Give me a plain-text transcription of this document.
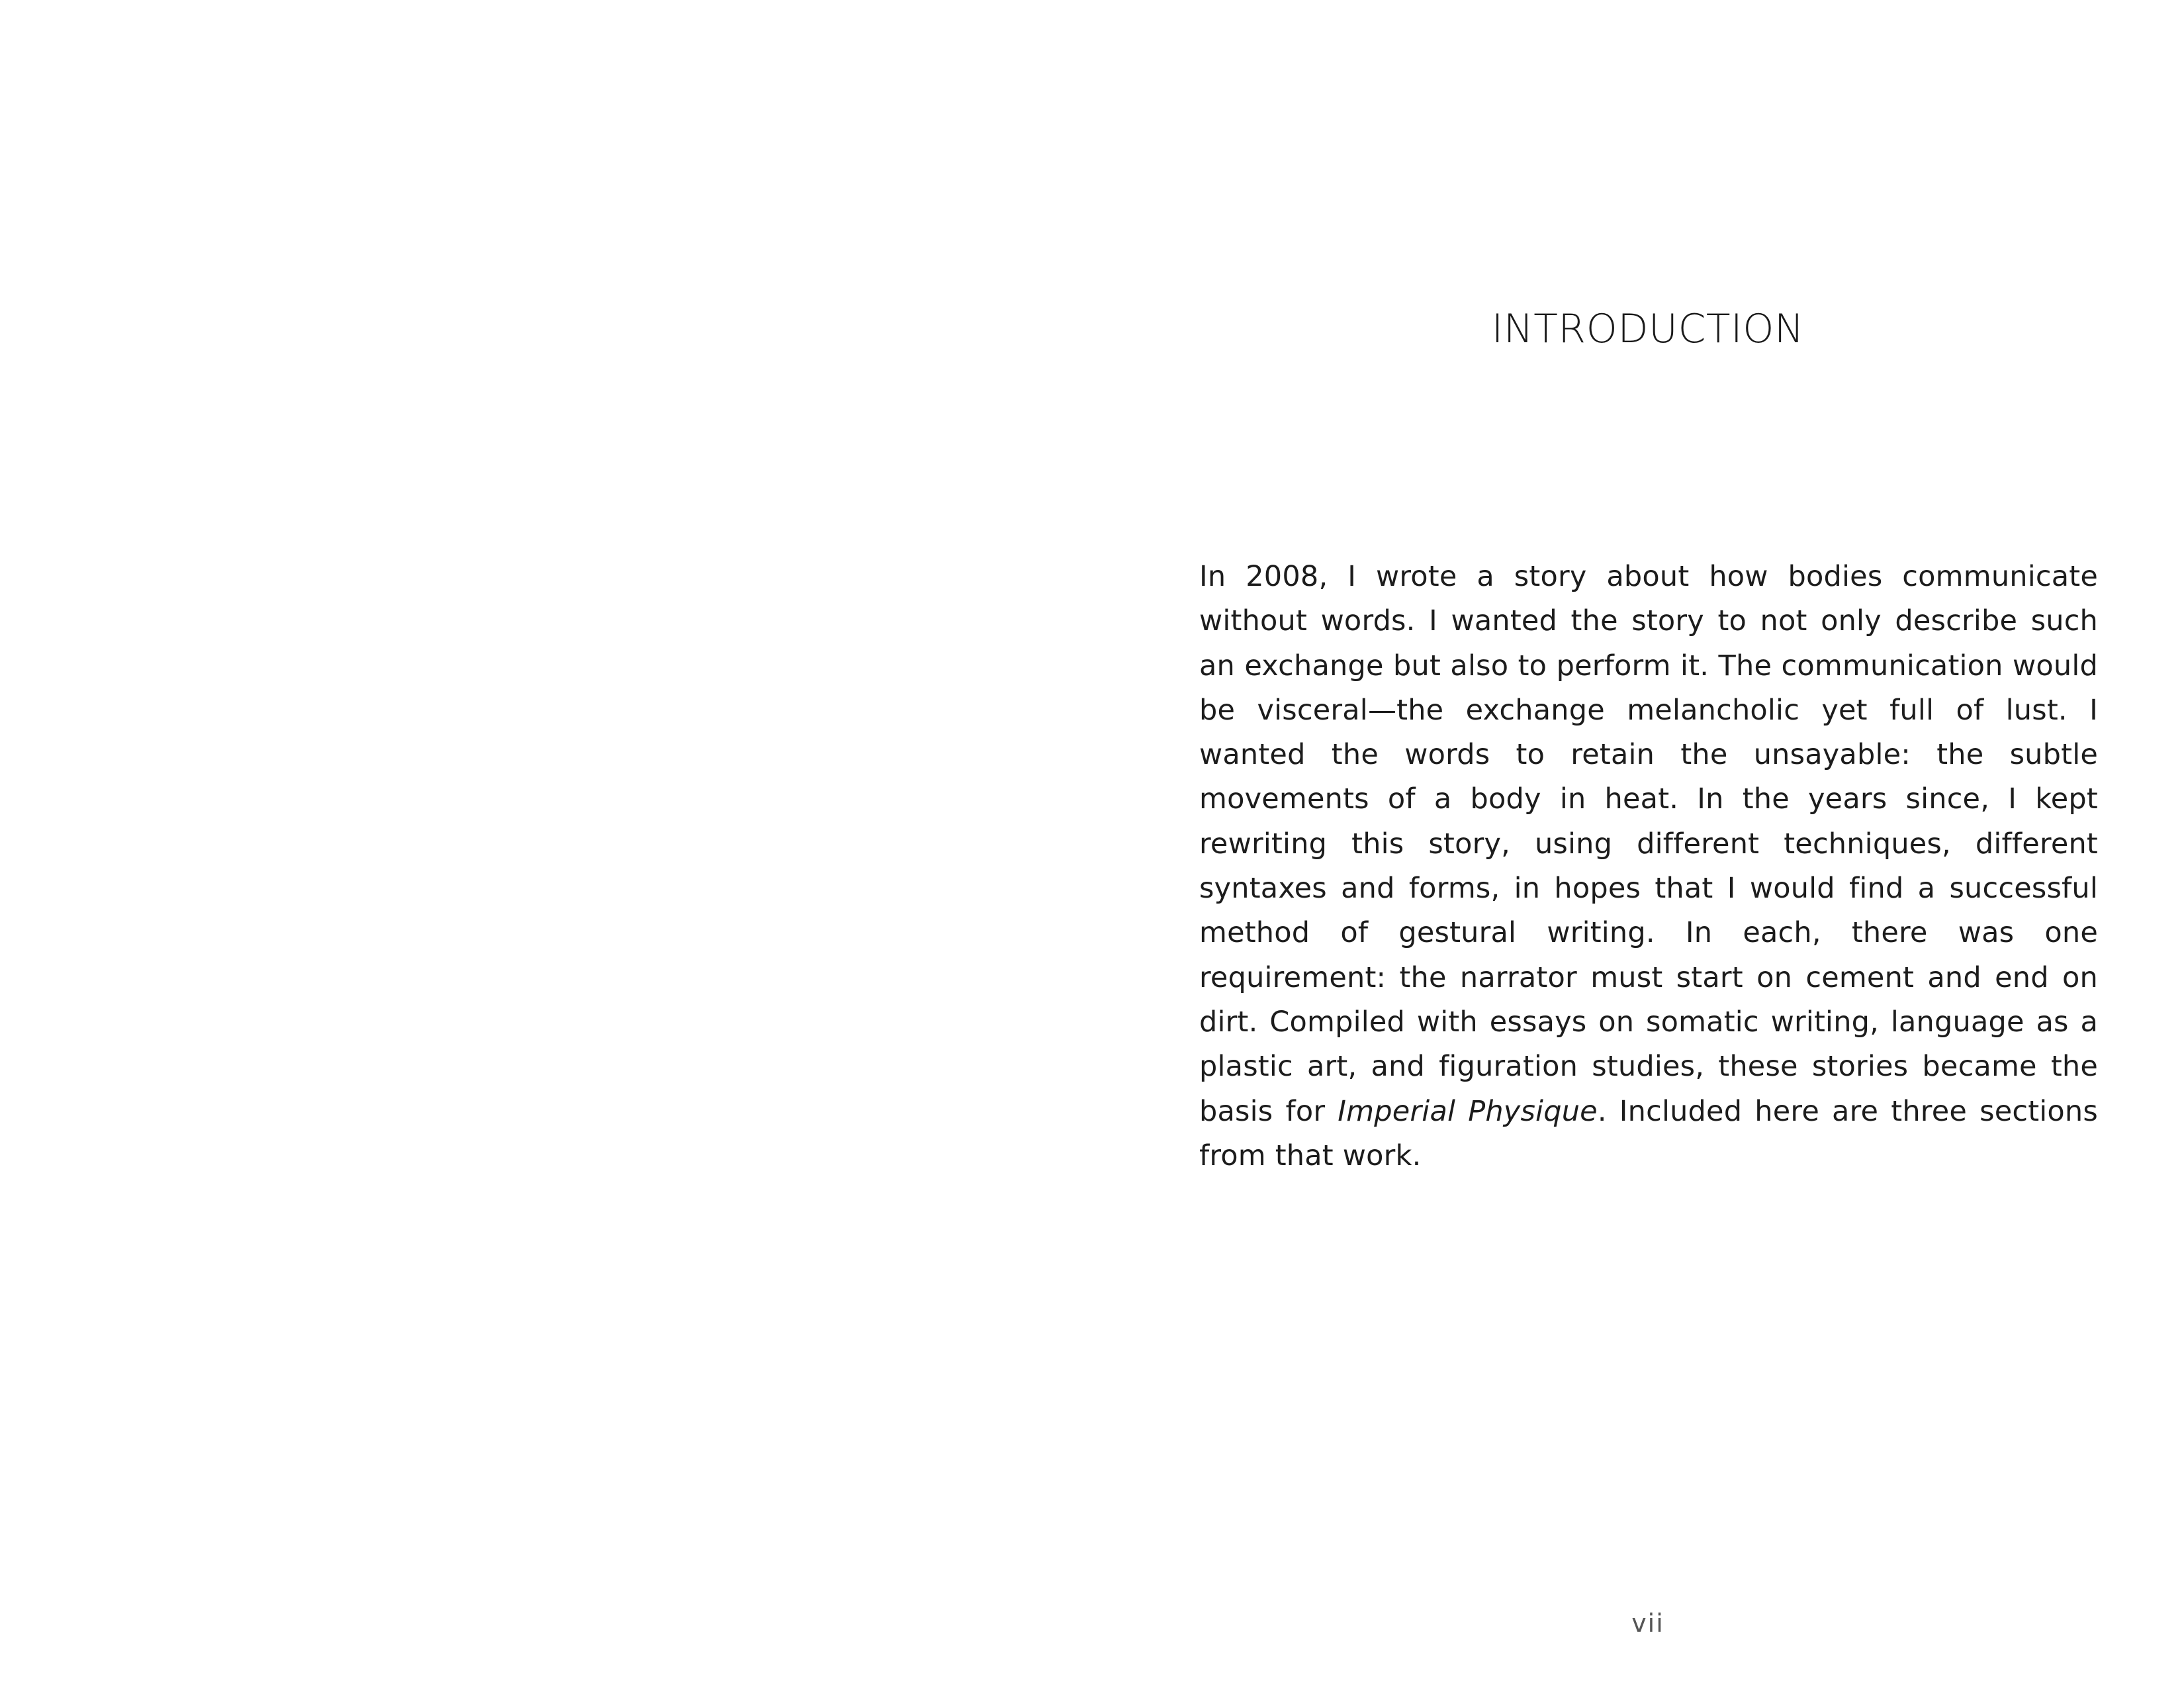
INTRODUCTION

In 2008, I wrote a story about how bodies communicate without words. I wanted the story to not only describe such an exchange but also to perform it. The communication would be visceral—the exchange melancholic yet full of lust. I wanted the words to retain the unsayable: the subtle movements of a body in heat. In the years since, I kept rewriting this story, using different techniques, different syntaxes and forms, in hopes that I would find a successful method of gestural writing. In each, there was one requirement: the narrator must start on cement and end on dirt. Compiled with essays on somatic writing, language as a plastic art, and figuration studies, these stories became the basis for Imperial Physique. Included here are three sections from that work.

vii
